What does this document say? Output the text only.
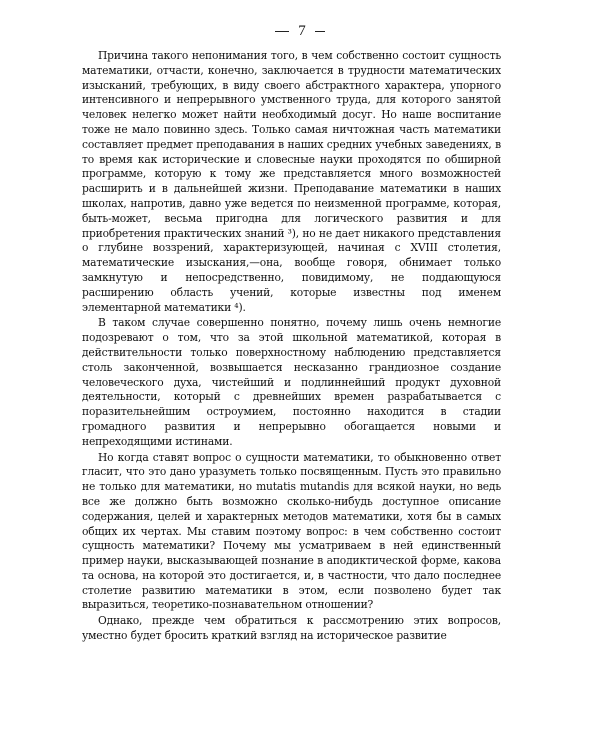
7

Причина такого непонимания того, в чем собственно состоит сущность математики, отчасти, конечно, заключается в трудности математических изысканий, требующих, в виду своего абстрактного характера, упорного интенсивного и непрерывного умственного труда, для которого занятой человек нелегко может найти необходимый досуг. Но наше воспитание тоже не мало повинно здесь. Только самая ничтожная часть математики составляет предмет преподавания в наших средних учебных заведениях, в то время как исторические и словесные науки проходятся по обширной программе, которую к тому же представляется много возможностей расширить и в дальнейшей жизни. Преподавание математики в наших школах, напротив, давно уже ведется по неизменной программе, которая, быть-может, весьма пригодна для логического развития и для приобретения практических знаний ³), но не дает никакого представления о глубине воззрений, характеризующей, начиная с XVIII столетия, математические изыскания,—она, вообще говоря, обнимает только замкнутую и непосредственно, повидимому, не поддающуюся расширению область учений, которые известны под именем элементарной математики ⁴).

В таком случае совершенно понятно, почему лишь очень немногие подозревают о том, что за этой школьной математикой, которая в действительности только поверхностному наблюдению представляется столь законченной, возвышается несказанно грандиозное создание человеческого духа, чистейший и подлиннейший продукт духовной деятельности, который с древнейших времен разрабатывается с поразительнейшим остроумием, постоянно находится в стадии громадного развития и непрерывно обогащается новыми и непреходящими истинами.

Но когда ставят вопрос о сущности математики, то обыкновенно ответ гласит, что это дано уразуметь только посвященным. Пусть это правильно не только для математики, но mutatis mutandis для всякой науки, но ведь все же должно быть возможно сколько-нибудь доступное описание содержания, целей и характерных методов математики, хотя бы в самых общих их чертах. Мы ставим поэтому вопрос: в чем собственно состоит сущность математики? Почему мы усматриваем в ней единственный пример науки, высказывающей познание в аподиктической форме, какова та основа, на которой это достигается, и, в частности, что дало последнее столетие развитию математики в этом, если позволено будет так выразиться, теоретико-познавательном отношении?

Однако, прежде чем обратиться к рассмотрению этих вопросов, уместно будет бросить краткий взгляд на историческое развитие
